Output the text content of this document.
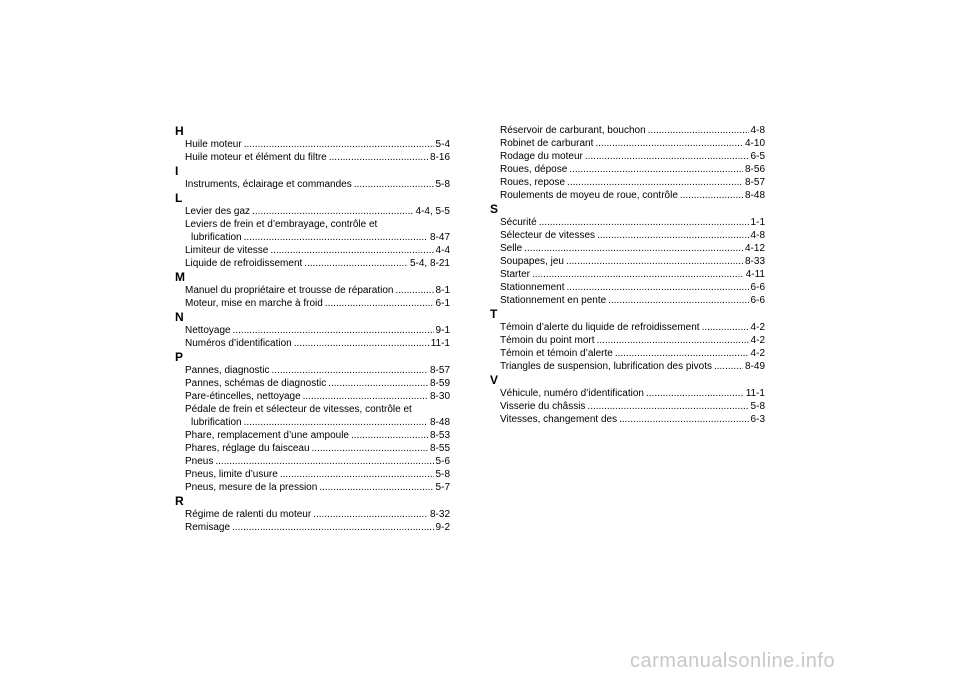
H
Huile moteur .....	5-4
Huile moteur et élément du filtre .....	8-16
I
Instruments, éclairage et commandes .....	5-8
L
Levier des gaz .....	4-4, 5-5
Leviers de frein et d’embrayage, contrôle et
lubrification .....	8-47
Limiteur de vitesse .....	4-4
Liquide de refroidissement .....	5-4, 8-21
M
Manuel du propriétaire et trousse de réparation .....	8-1
Moteur, mise en marche à froid .....	6-1
N
Nettoyage .....	9-1
Numéros d’identification .....	11-1
P
Pannes, diagnostic .....	8-57
Pannes, schémas de diagnostic .....	8-59
Pare-étincelles, nettoyage .....	8-30
Pédale de frein et sélecteur de vitesses, contrôle et
lubrification .....	8-48
Phare, remplacement d’une ampoule .....	8-53
Phares, réglage du faisceau .....	8-55
Pneus .....	5-6
Pneus, limite d’usure .....	5-8
Pneus, mesure de la pression .....	5-7
R
Régime de ralenti du moteur .....	8-32
Remisage .....	9-2
Réservoir de carburant, bouchon .....	4-8
Robinet de carburant .....	4-10
Rodage du moteur .....	6-5
Roues, dépose .....	8-56
Roues, repose .....	8-57
Roulements de moyeu de roue, contrôle .....	8-48
S
Sécurité .....	1-1
Sélecteur de vitesses .....	4-8
Selle .....	4-12
Soupapes, jeu .....	8-33
Starter .....	4-11
Stationnement .....	6-6
Stationnement en pente .....	6-6
T
Témoin d’alerte du liquide de refroidissement .....	4-2
Témoin du point mort .....	4-2
Témoin et témoin d’alerte .....	4-2
Triangles de suspension, lubrification des pivots .....	8-49
V
Véhicule, numéro d’identification .....	11-1
Visserie du châssis .....	5-8
Vitesses, changement des .....	6-3
carmanualsonline.info
